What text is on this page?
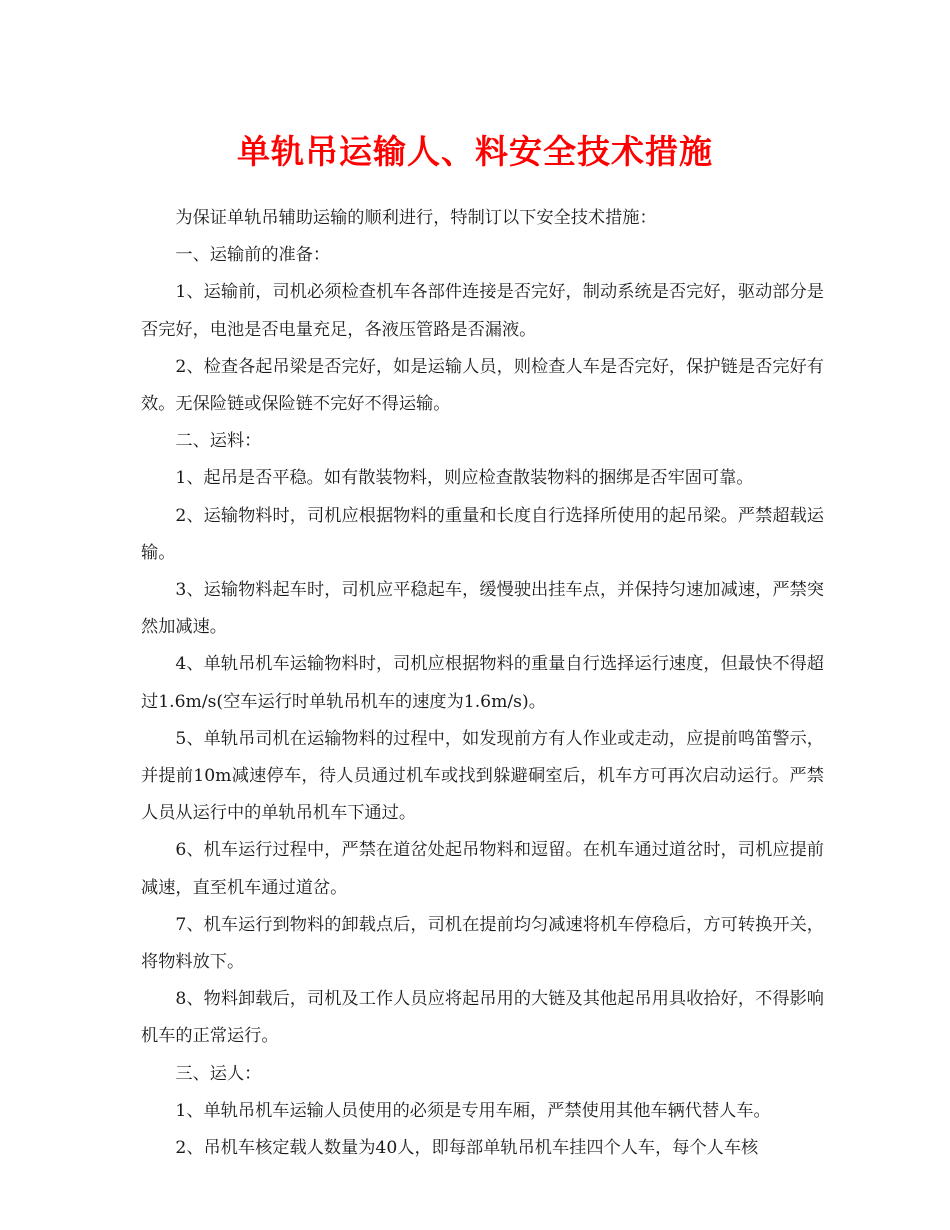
单轨吊运输人、料安全技术措施

为保证单轨吊辅助运输的顺利进行，特制订以下安全技术措施：

一、运输前的准备：

1、运输前，司机必须检查机车各部件连接是否完好，制动系统是否完好，驱动部分是否完好，电池是否电量充足，各液压管路是否漏液。

2、检查各起吊梁是否完好，如是运输人员，则检查人车是否完好，保护链是否完好有效。无保险链或保险链不完好不得运输。

二、运料：

1、起吊是否平稳。如有散装物料，则应检查散装物料的捆绑是否牢固可靠。

2、运输物料时，司机应根据物料的重量和长度自行选择所使用的起吊梁。严禁超载运输。

3、运输物料起车时，司机应平稳起车，缓慢驶出挂车点，并保持匀速加减速，严禁突然加减速。

4、单轨吊机车运输物料时，司机应根据物料的重量自行选择运行速度，但最快不得超过1.6m/s(空车运行时单轨吊机车的速度为1.6m/s)。

5、单轨吊司机在运输物料的过程中，如发现前方有人作业或走动，应提前鸣笛警示，并提前10m减速停车，待人员通过机车或找到躲避硐室后，机车方可再次启动运行。严禁人员从运行中的单轨吊机车下通过。

6、机车运行过程中，严禁在道岔处起吊物料和逗留。在机车通过道岔时，司机应提前减速，直至机车通过道岔。

7、机车运行到物料的卸载点后，司机在提前均匀减速将机车停稳后，方可转换开关，将物料放下。

8、物料卸载后，司机及工作人员应将起吊用的大链及其他起吊用具收拾好，不得影响机车的正常运行。

三、运人：

1、单轨吊机车运输人员使用的必须是专用车厢，严禁使用其他车辆代替人车。

2、吊机车核定载人数量为40人，即每部单轨吊机车挂四个人车，每个人车核
